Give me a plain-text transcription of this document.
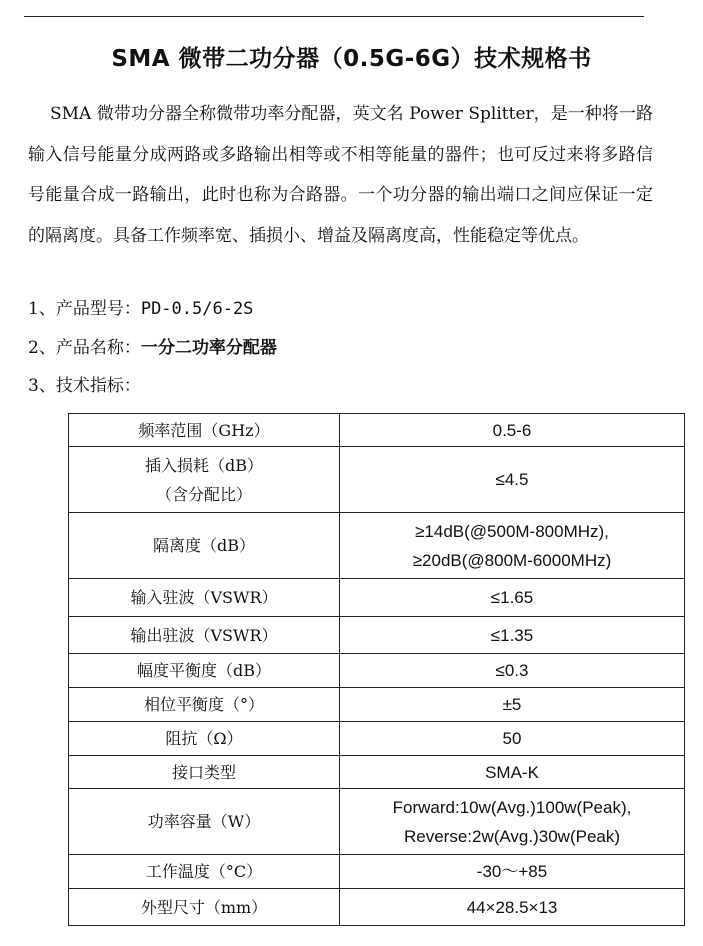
SMA 微带二功分器（0.5G-6G）技术规格书

SMA 微带功分器全称微带功率分配器，英文名 Power Splitter，是一种将一路输入信号能量分成两路或多路输出相等或不相等能量的器件；也可反过来将多路信号能量合成一路输出，此时也称为合路器。一个功分器的输出端口之间应保证一定的隔离度。具备工作频率宽、插损小、增益及隔离度高，性能稳定等优点。

1、产品型号：PD-0.5/6-2S
2、产品名称：一分二功率分配器
3、技术指标：
频率范围（GHz）	0.5-6

插入损耗（dB）
（含分配比）	≤4.5

隔离度（dB）	≥14dB(@500M-800MHz),
≥20dB(@800M-6000MHz)

输入驻波（VSWR）	≤1.65

输出驻波（VSWR）	≤1.35

幅度平衡度（dB）	≤0.3

相位平衡度（°）	±5

阻抗（Ω）	50

接口类型	SMA-K

功率容量（W）	Forward:10w(Avg.)100w(Peak),
Reverse:2w(Avg.)30w(Peak)

工作温度（°C）	-30～+85

外型尺寸（mm）	44×28.5×13
